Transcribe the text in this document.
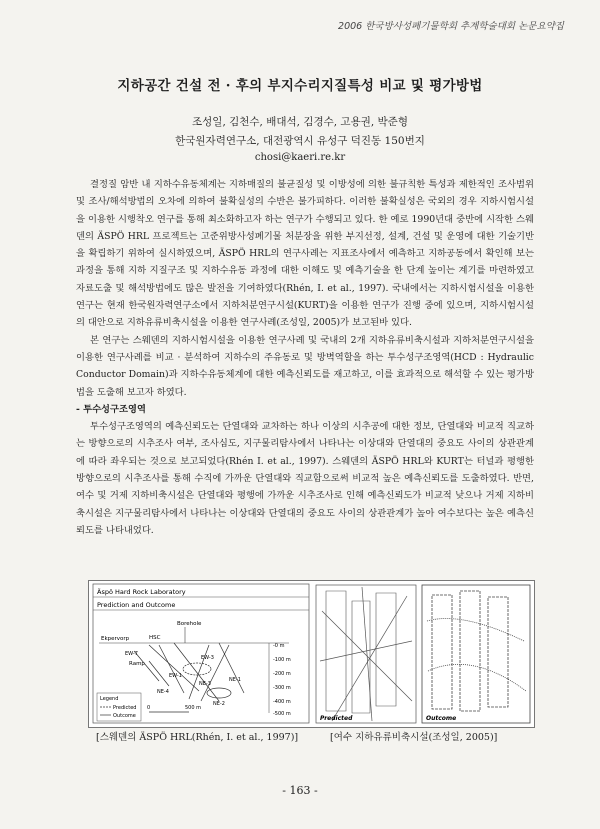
2006 한국방사성폐기물학회 추계학술대회 논문요약집
지하공간 건설 전 · 후의 부지수리지질특성 비교 및 평가방법
조성일, 김천수, 배대석, 김경수, 고용권, 박준형
한국원자력연구소, 대전광역시 유성구 덕진동 150번지
chosi@kaeri.re.kr

결정질 암반 내 지하수유동체계는 지하매질의 불균질성 및 이방성에 의한 불규칙한 특성과 제한적인 조사범위 및 조사/해석방법의 오차에 의하여 불확실성의 수반은 불가피하다. 이러한 불확실성은 국외의 경우 지하시험시설을 이용한 시행착오 연구를 통해 최소화하고자 하는 연구가 수행되고 있다. 한 예로 1990년대 중반에 시작한 스웨덴의 ÄSPÖ HRL 프로젝트는 고준위방사성폐기물 처분장을 위한 부지선정, 설계, 건설 및 운영에 대한 기술기반을 확립하기 위하여 실시하였으며, ÄSPÖ HRL의 연구사례는 지표조사에서 예측하고 지하공동에서 확인해 보는 과정을 통해 지하 지질구조 및 지하수유동 과정에 대한 이해도 및 예측기술을 한 단계 높이는 계기를 마련하였고 자료도출 및 해석방법에도 많은 발전을 기여하였다(Rhén, I. et al., 1997). 국내에서는 지하시험시설을 이용한 연구는 현재 한국원자력연구소에서 지하처분연구시설(KURT)을 이용한 연구가 진행 중에 있으며, 지하시험시설의 대안으로 지하유류비축시설을 이용한 연구사례(조성일, 2005)가 보고된바 있다.

본 연구는 스웨덴의 지하시험시설을 이용한 연구사례 및 국내의 2개 지하유류비축시설과 지하처분연구시설을 이용한 연구사례를 비교 · 분석하여 지하수의 주유동로 및 방벽역할을 하는 투수성구조영역(HCD : Hydraulic Conductor Domain)과 지하수유동체계에 대한 예측신뢰도를 재고하고, 이를 효과적으로 해석할 수 있는 평가방법을 도출해 보고자 하였다.

- 투수성구조영역

투수성구조영역의 예측신뢰도는 단열대와 교차하는 하나 이상의 시추공에 대한 정보, 단열대와 비교적 직교하는 방향으로의 시추조사 여부, 조사심도, 지구물리탐사에서 나타나는 이상대와 단열대의 중요도 사이의 상관관계에 따라 좌우되는 것으로 보고되었다(Rhén I. et al., 1997). 스웨덴의 ÄSPÖ HRL와 KURT는 터널과 평행한 방향으로의 시추조사를 통해 수직에 가까운 단열대와 직교함으로써 비교적 높은 예측신뢰도를 도출하였다. 반면, 여수 및 거제 지하비축시설은 단열대와 평행에 가까운 시추조사로 인해 예측신뢰도가 비교적 낮으나 거제 지하비축시설은 지구물리탐사에서 나타나는 이상대와 단열대의 중요도 사이의 상관관계가 높아 여수보다는 높은 예측신뢰도를 나타내었다.

Äspö Hard Rock Laboratory
Prediction and Outcome
Borehole
Ekpervorp	HSC
Ramp
EW-3
EW-1
NE-4
NE-1
NE-2
NE-3
EW-7
-0 m
-100 m
-200 m
-300 m
-400 m
-500 m
0	500 m
Legend
Predicted
Outcome	Predicted	Outcome
[스웨덴의 ÄSPÖ HRL(Rhén, I. et al., 1997)]	[여수 지하유류비축시설(조성일, 2005)]
- 163 -
